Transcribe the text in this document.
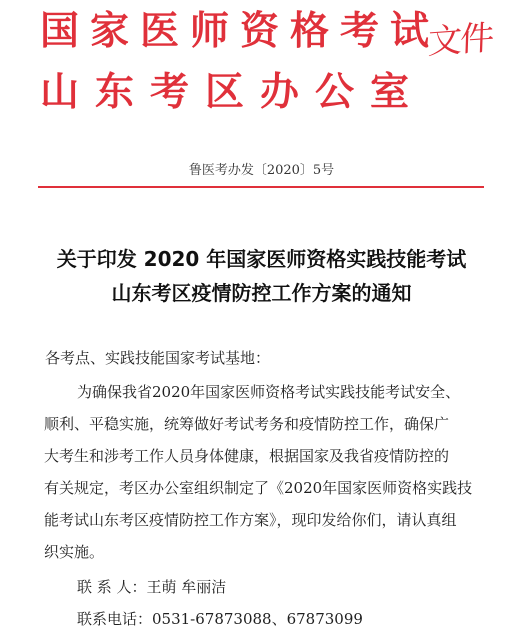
国家医师资格考试
山东考区办公室
文件
鲁医考办发〔2020〕5号
关于印发 2020 年国家医师资格实践技能考试
山东考区疫情防控工作方案的通知
各考点、实践技能国家考试基地：
为确保我省2020年国家医师资格考试实践技能考试安全、
顺利、平稳实施，统筹做好考试考务和疫情防控工作，确保广
大考生和涉考工作人员身体健康，根据国家及我省疫情防控的
有关规定，考区办公室组织制定了《2020年国家医师资格实践技
能考试山东考区疫情防控工作方案》，现印发给你们，请认真组
织实施。
联 系 人：王萌 牟丽洁
联系电话：0531-67873088、67873099
